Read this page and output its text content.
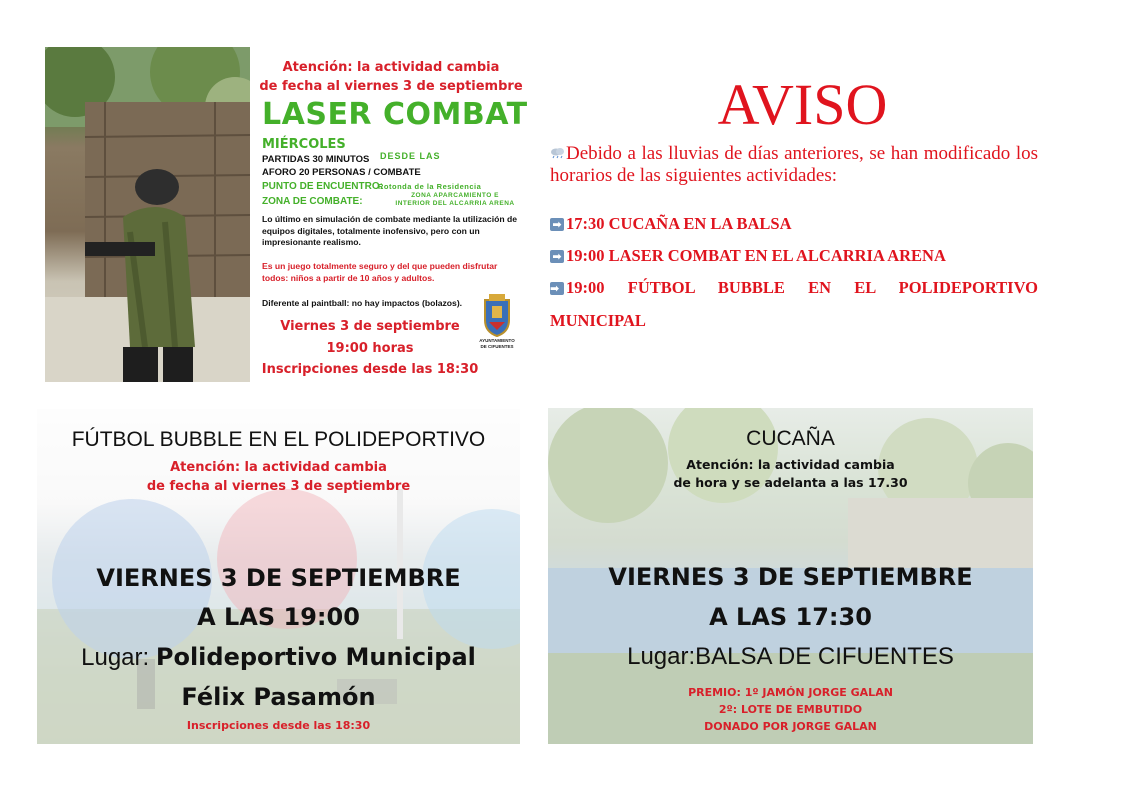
Atención: la actividad cambia
de fecha al viernes 3 de septiembre
LASER COMBAT
MIÉRCOLES
DESDE LAS
PARTIDAS 30 MINUTOS
AFORO 20 PERSONAS / COMBATE
PUNTO DE ENCUENTRO:
Rotonda de la Residencia
ZONA DE COMBATE:
ZONA APARCAMIENTO E
INTERIOR DEL ALCARRIA ARENA
Lo último en simulación de combate mediante la utilización de equipos digitales, totalmente inofensivo, pero con un impresionante realismo.
Es un juego totalmente seguro y del que pueden disfrutar todos: niños a partir de 10 años y adultos.
Diferente al paintball: no hay impactos (bolazos).
Viernes 3 de septiembre
19:00 horas
Inscripciones desde las 18:30
AYUNTAMIENTO
DE CIFUENTES
AVISO
Debido a las lluvias de días anteriores, se han modificado los horarios de las siguientes actividades:
➡ 17:30 CUCAÑA EN LA BALSA
➡ 19:00 LASER COMBAT EN EL ALCARRIA ARENA
➡ 19:00 FÚTBOL BUBBLE EN EL POLIDEPORTIVO
MUNICIPAL
FÚTBOL BUBBLE EN EL POLIDEPORTIVO
Atención: la actividad cambia
de fecha al viernes 3 de septiembre
VIERNES 3 DE SEPTIEMBRE
A LAS 19:00
Lugar: Polideportivo Municipal
Félix Pasamón
Inscripciones desde las 18:30
CUCAÑA
Atención: la actividad cambia
de hora y se adelanta a las 17.30
VIERNES 3 DE SEPTIEMBRE
A LAS 17:30
Lugar:BALSA DE CIFUENTES
PREMIO: 1º JAMÓN JORGE GALAN
2º: LOTE DE EMBUTIDO
DONADO POR JORGE GALAN
